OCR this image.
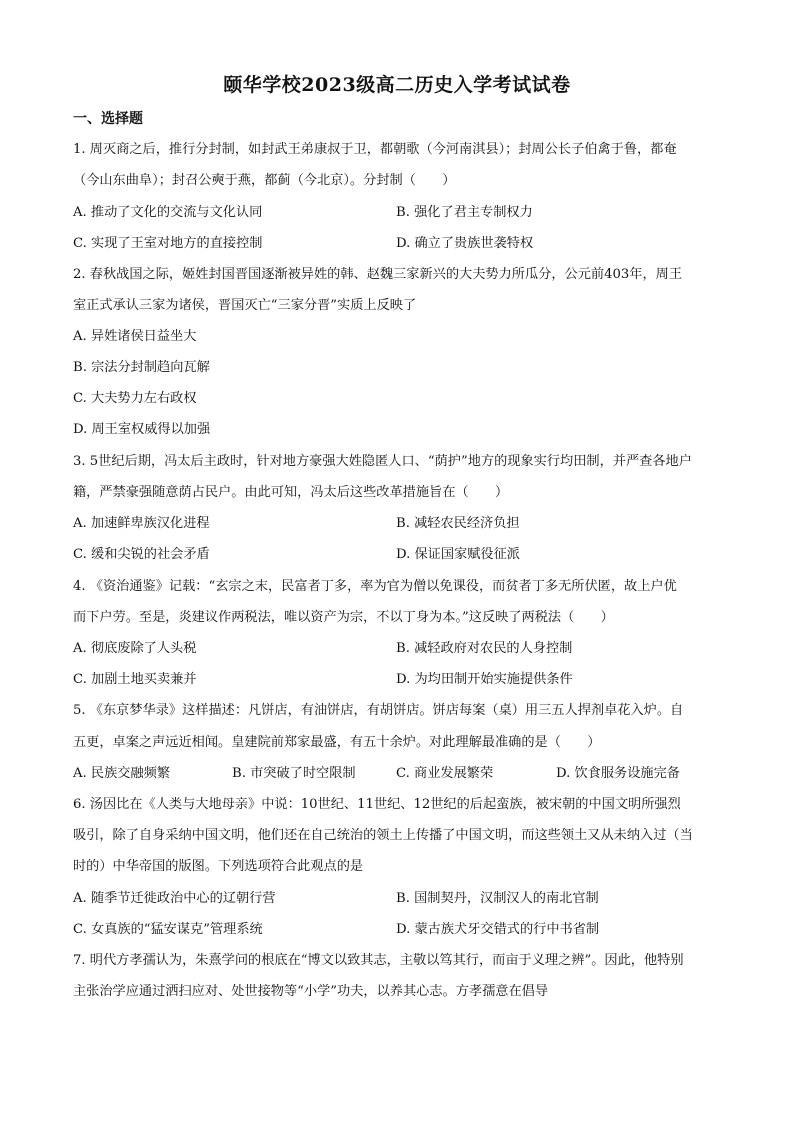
颐华学校2023级高二历史入学考试试卷
一、选择题
1. 周灭商之后，推行分封制，如封武王弟康叔于卫，都朝歌（今河南淇县）；封周公长子伯禽于鲁，都奄
（今山东曲阜）；封召公奭于燕，都蓟（今北京）。分封制（　　）
A. 推动了文化的交流与文化认同	B. 强化了君主专制权力
C. 实现了王室对地方的直接控制	D. 确立了贵族世袭特权
2. 春秋战国之际，姬姓封国晋国逐渐被异姓的韩、赵魏三家新兴的大夫势力所瓜分，公元前403年，周王
室正式承认三家为诸侯，晋国灭亡“三家分晋”实质上反映了
A. 异姓诸侯日益坐大
B. 宗法分封制趋向瓦解
C. 大夫势力左右政权
D. 周王室权威得以加强
3. 5世纪后期，冯太后主政时，针对地方豪强大姓隐匿人口、“荫护”地方的现象实行均田制，并严查各地户
籍，严禁豪强随意荫占民户。由此可知，冯太后这些改革措施旨在（　　）
A. 加速鲜卑族汉化进程	B. 减轻农民经济负担
C. 缓和尖锐的社会矛盾	D. 保证国家赋役征派
4. 《资治通鉴》记载：“玄宗之末，民富者丁多，率为官为僧以免课役，而贫者丁多无所伏匿，故上户优
而下户劳。至是，炎建议作两税法，唯以资产为宗，不以丁身为本。”这反映了两税法（　　）
A. 彻底废除了人头税	B. 减轻政府对农民的人身控制
C. 加剧土地买卖兼并	D. 为均田制开始实施提供条件
5. 《东京梦华录》这样描述：凡饼店，有油饼店，有胡饼店。饼店每案（桌）用三五人捍剂卓花入炉。自
五更，卓案之声远近相闻。皇建院前郑家最盛，有五十余炉。对此理解最准确的是（　　）
A. 民族交融频繁	B. 市突破了时空限制	C. 商业发展繁荣	D. 饮食服务设施完备
6. 汤因比在《人类与大地母亲》中说：10世纪、11世纪、12世纪的后起蛮族，被宋朝的中国文明所强烈
吸引，除了自身采纳中国文明，他们还在自己统治的领土上传播了中国文明，而这些领土又从未纳入过（当
时的）中华帝国的版图。下列选项符合此观点的是
A. 随季节迁徙政治中心的辽朝行营	B. 国制契丹，汉制汉人的南北官制
C. 女真族的“猛安谋克”管理系统	D. 蒙古族犬牙交错式的行中书省制
7. 明代方孝孺认为，朱熹学问的根底在“博文以致其志，主敬以笃其行，而亩于义理之辨”。因此，他特别
主张治学应通过洒扫应对、处世接物等“小学”功夫，以养其心志。方孝孺意在倡导
